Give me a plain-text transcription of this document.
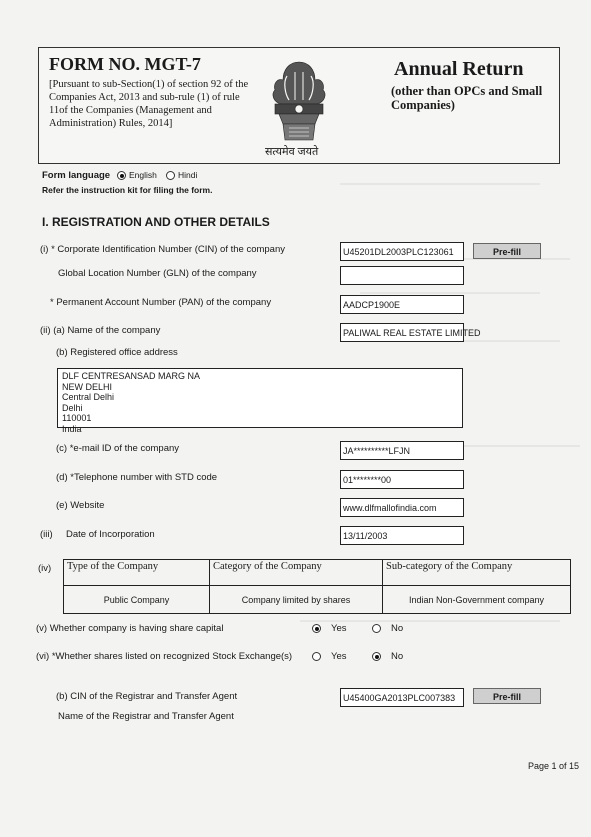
FORM NO. MGT-7
[Pursuant to sub-Section(1) of section 92 of the Companies Act, 2013 and sub-rule (1) of rule 11of the Companies (Management and Administration) Rules, 2014]
सत्यमेव जयते
Annual Return
(other than OPCs and Small Companies)
Form language English Hindi
Refer the instruction kit for filing the form.
I. REGISTRATION AND OTHER DETAILS
(i) * Corporate Identification Number (CIN) of the company	U45201DL2003PLC123061	Pre-fill
Global Location Number (GLN) of the company
* Permanent Account Number (PAN) of the company	AADCP1900E
(ii) (a) Name of the company	PALIWAL REAL ESTATE LIMITED
(b) Registered office address
DLF CENTRESANSAD MARG NA
NEW DELHI
Central Delhi
Delhi
110001
India
(c) *e-mail ID of the company	JA**********LFJN
(d) *Telephone number with STD code	01********00
(e) Website	www.dlfmallofindia.com
(iii) Date of Incorporation	13/11/2003
(iv) Type of the Company	Category of the Company	Sub-category of the Company
Public Company	Company limited by shares	Indian Non-Government company
(v) Whether company is having share capital	Yes	No
(vi) *Whether shares listed on recognized Stock Exchange(s)	Yes	No
(b) CIN of the Registrar and Transfer Agent	U45400GA2013PLC007383	Pre-fill
Name of the Registrar and Transfer Agent
Page 1 of 15
